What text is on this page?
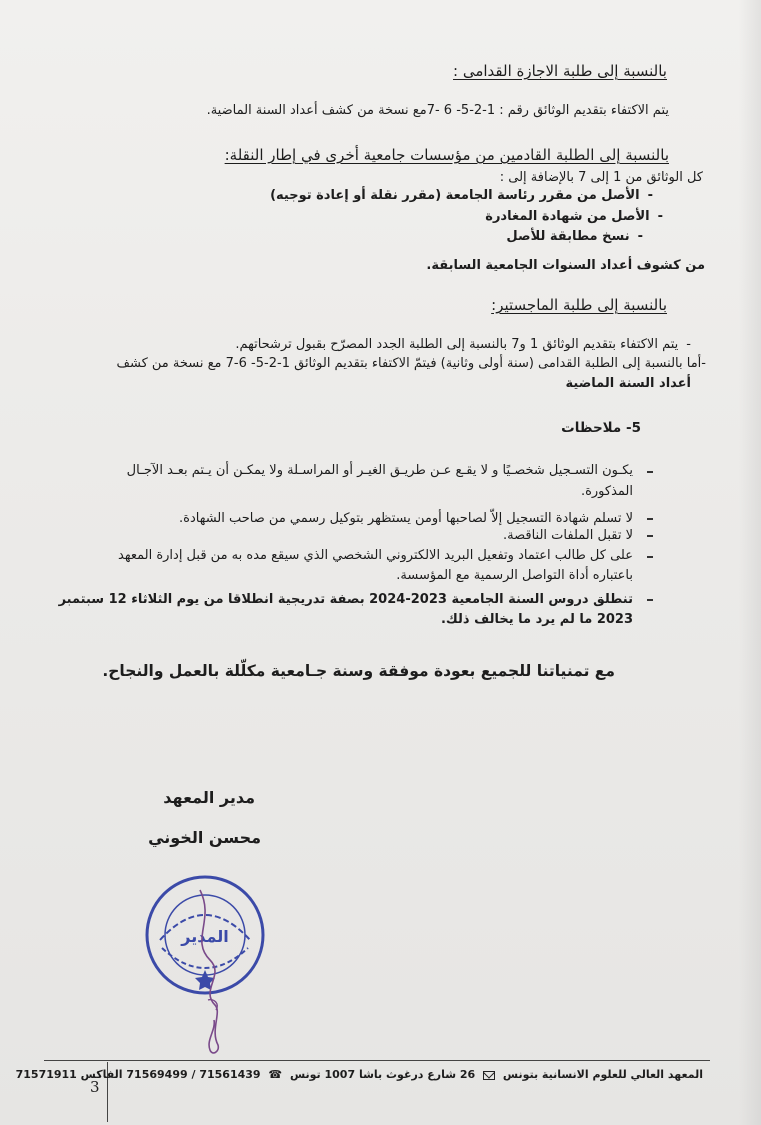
بالنسبة إلى طلبة الاجازة القدامى :
يتم الاكتفاء بتقديم الوثائق رقم : 1-2-5- 6 -7مع نسخة من كشف أعداد السنة الماضية.
بالنسبة إلى الطلبة القادمين من مؤسسات جامعية أخرى في إطار النقلة:
كل الوثائق من 1 إلى 7 بالإضافة إلى :
-الأصل من مقرر رئاسة الجامعة (مقرر نقلة أو إعادة توجيه)
-الأصل من شهادة المغادرة
-نسخ مطابقة للأصل
من كشوف أعداد السنوات الجامعية السابقة.
بالنسبة إلى طلبة الماجستير:
-يتم الاكتفاء بتقديم الوثائق 1 و7 بالنسبة إلى الطلبة الجدد المصرّح بقبول ترشحاتهم.
-أما بالنسبة إلى الطلبة القدامى (سنة أولى وثانية) فيتمّ الاكتفاء بتقديم الوثائق 1-2-5- 6-7 مع نسخة من كشف
أعداد السنة الماضية
5- ملاحظات
يكـون التسـجيل شخصـيًا و لا يقـع عـن طريـق الغيـر أو المراسـلة ولا يمكـن أن يـتم بعـد الآجـال
المذكورة.
لا تسلم شهادة التسجيل إلاّ لصاحبها أومن يستظهر بتوكيل رسمي من صاحب الشهادة.
لا تقبل الملفات الناقصة.
على كل طالب اعتماد وتفعيل البريد الالكتروني الشخصي الذي سيقع مده به من قبل إدارة المعهد
باعتباره أداة التواصل الرسمية مع المؤسسة.
تنطلق دروس السنة الجامعية 2023-2024 بصفة تدريجية انطلاقا من يوم الثلاثاء 12 سبتمبر
2023 ما لم يرد ما يخالف ذلك.
مع تمنياتنا للجميع بعودة موفقة وسنة جـامعية مكلّلة بالعمل والنجاح.
مدير المعهد
محسن الخوني
المدير
3
المعهد العالي للعلوم الانسانية بتونس  26 شارع درغوث باشا 1007 تونس ☎ 71561439 / 71569499 الفاكس 71571911
